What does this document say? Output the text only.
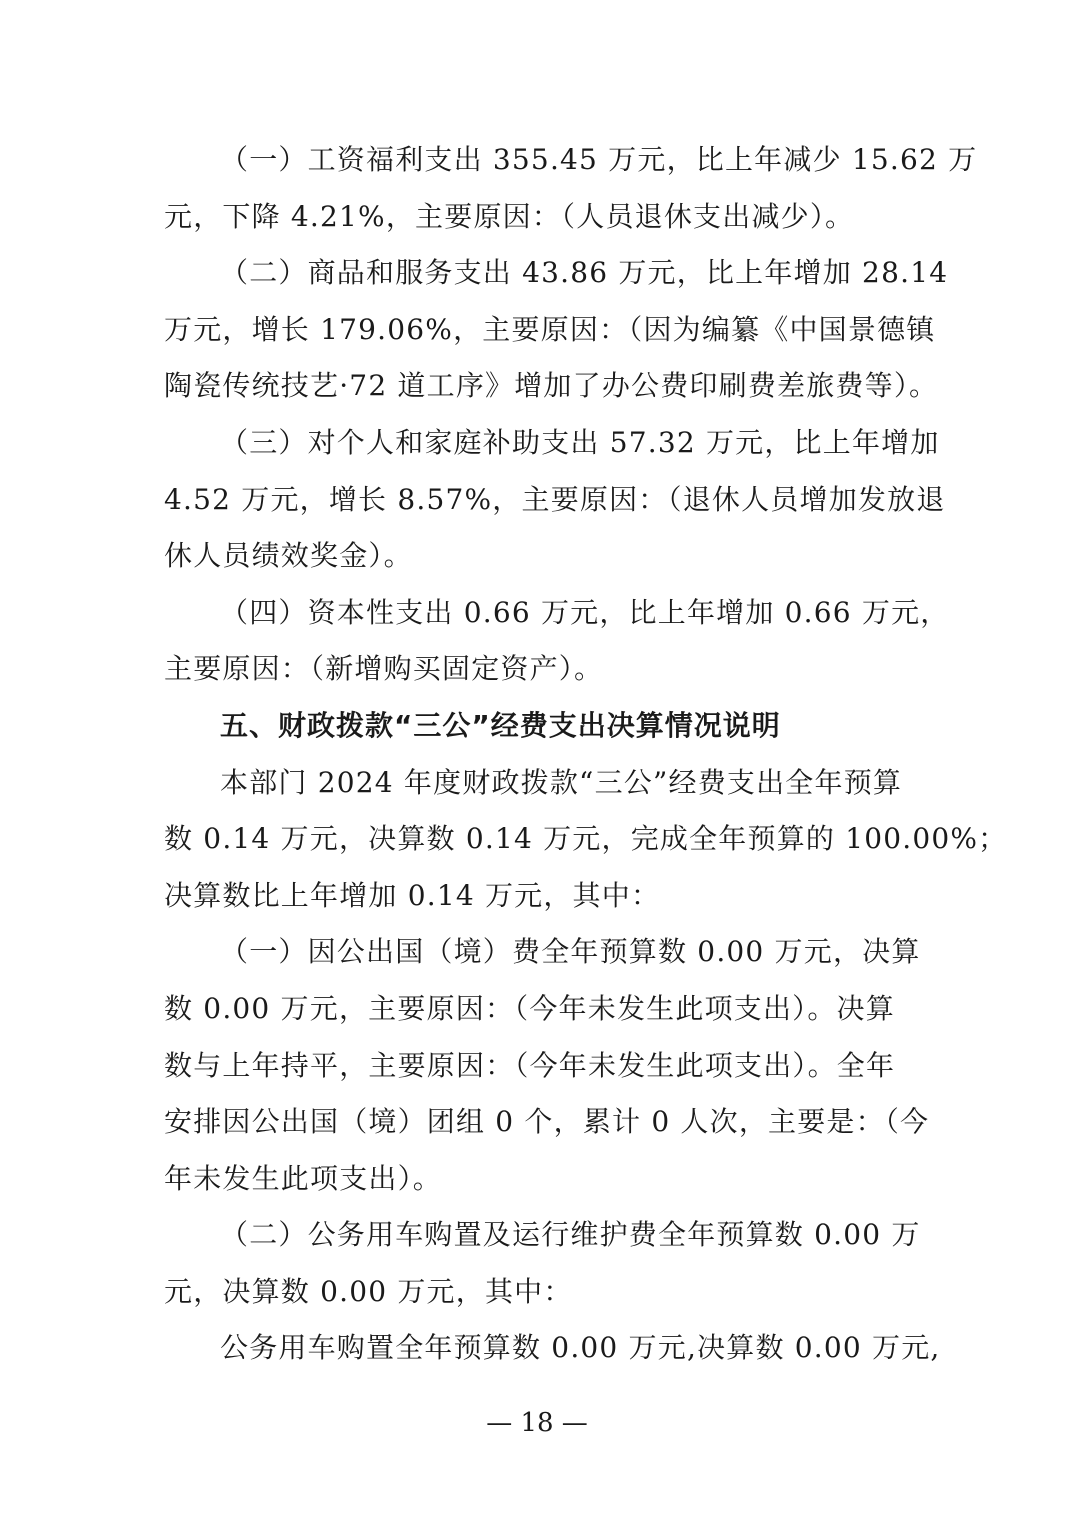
（一）工资福利支出 355.45 万元，比上年减少 15.62 万
元，下降 4.21%，主要原因：（人员退休支出减少）。

（二）商品和服务支出 43.86 万元，比上年增加 28.14
万元，增长 179.06%，主要原因：（因为编纂《中国景德镇
陶瓷传统技艺·72 道工序》增加了办公费印刷费差旅费等）。

（三）对个人和家庭补助支出 57.32 万元，比上年增加
4.52 万元，增长 8.57%，主要原因：（退休人员增加发放退
休人员绩效奖金）。

（四）资本性支出 0.66 万元，比上年增加 0.66 万元，
主要原因：（新增购买固定资产）。

五、财政拨款“三公”经费支出决算情况说明

本部门 2024 年度财政拨款“三公”经费支出全年预算
数 0.14 万元，决算数 0.14 万元，完成全年预算的 100.00%；
决算数比上年增加 0.14 万元，其中：

（一）因公出国（境）费全年预算数 0.00 万元，决算
数 0.00 万元，主要原因：（今年未发生此项支出）。决算
数与上年持平，主要原因：（今年未发生此项支出）。全年
安排因公出国（境）团组 0 个，累计 0 人次，主要是：（今
年未发生此项支出）。

（二）公务用车购置及运行维护费全年预算数 0.00 万
元，决算数 0.00 万元，其中：

公务用车购置全年预算数 0.00 万元,决算数 0.00 万元,

— 18 —
